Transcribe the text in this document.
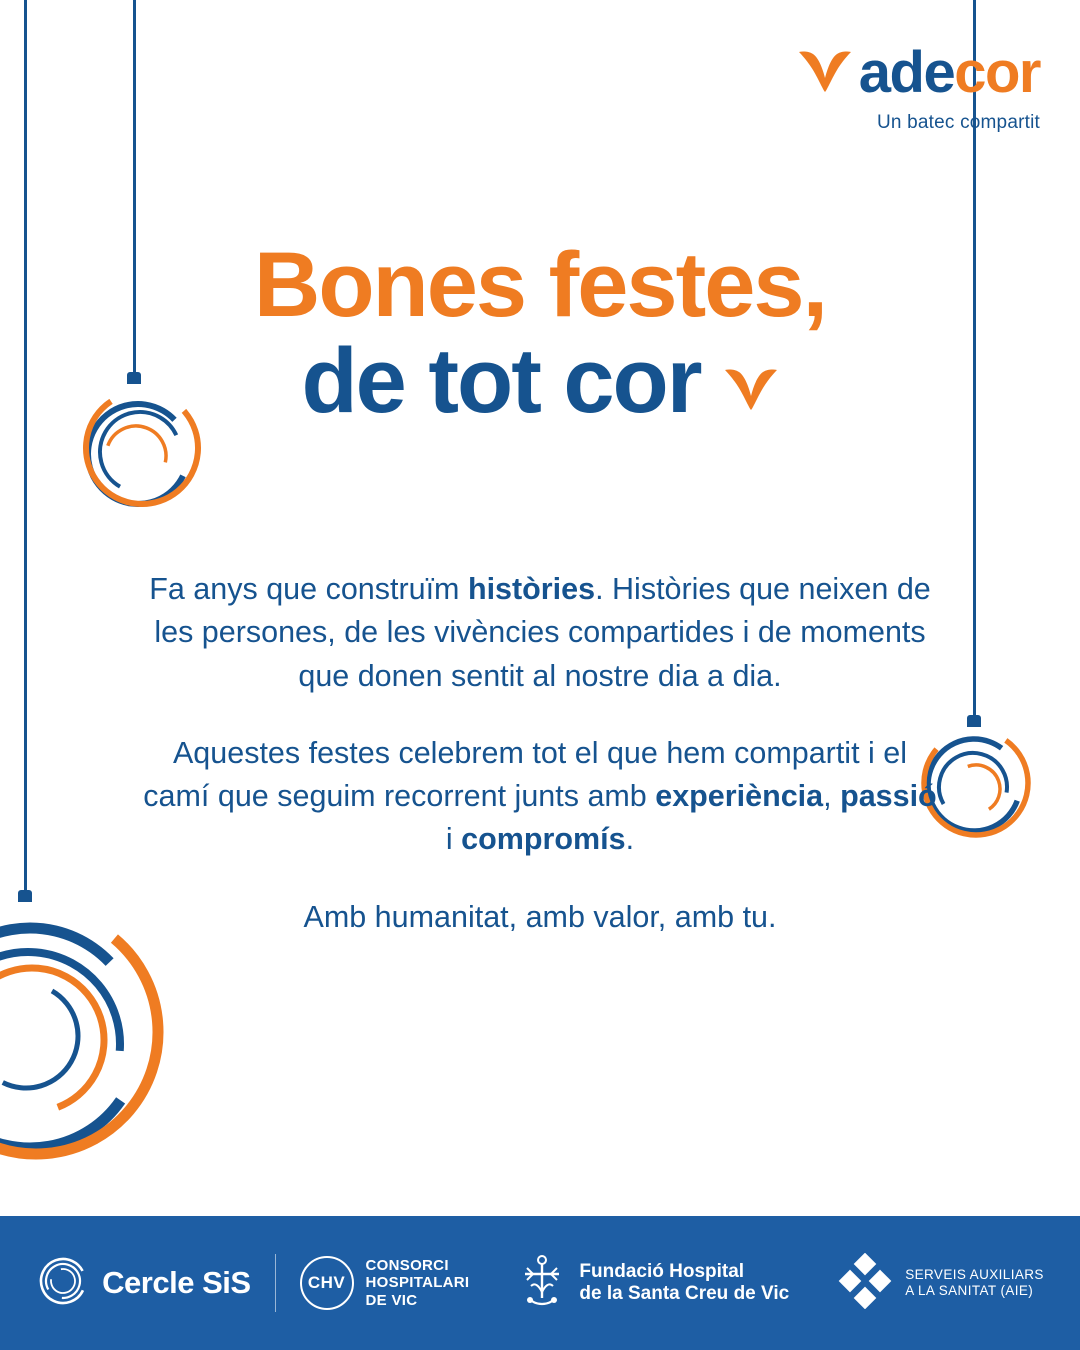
adecor
Un batec compartit
Bones festes,
de tot cor

Fa anys que construïm històries. Històries que neixen de les persones, de les vivències compartides i de moments que donen sentit al nostre dia a dia.

Aquestes festes celebrem tot el que hem compartit i el camí que seguim recorrent junts amb experiència, passió i compromís.

Amb humanitat, amb valor, amb tu.

Cercle SiS	CHV
CONSORCI
HOSPITALARI
DE VIC
Fundació Hospital
de la Santa Creu de Vic
SERVEIS AUXILIARS
A LA SANITAT (AIE)
